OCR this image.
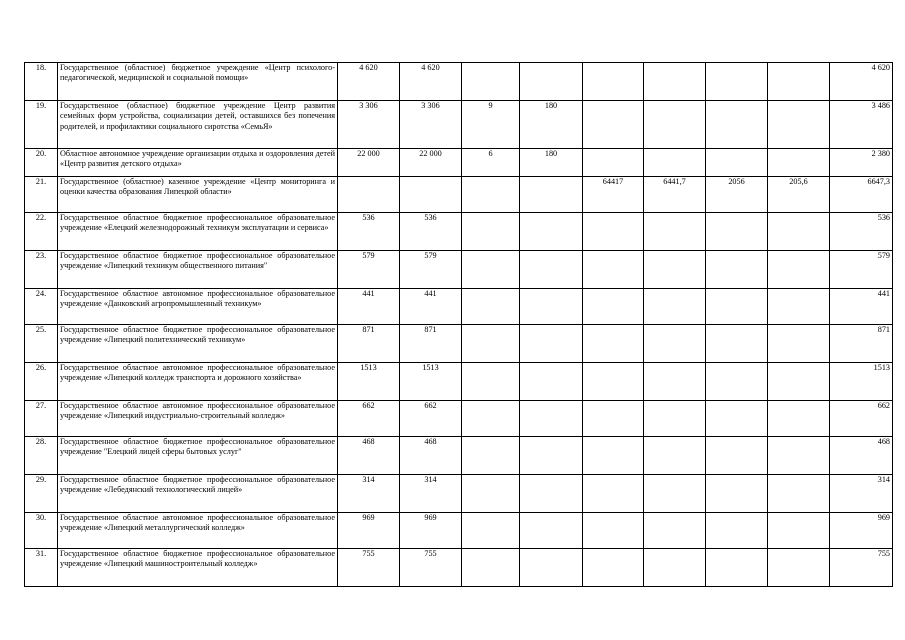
18.	Государственное (областное) бюджетное учреждение «Центр психолого-педагогической, медицинской и социальной помощи»	4 620	4 620							4 620
19.	Государственное (областное) бюджетное учреждение Центр развития семейных форм устройства, социализации детей, оставшихся без попечения родителей, и профилактики социального сиротства «СемьЯ»	3 306	3 306	9	180					3 486
20.	Областное автономное учреждение организации отдыха и оздоровления детей «Центр развития детского отдыха»	22 000	22 000	6	180					2 380
21.	Государственное (областное) казенное учреждение «Центр мониторинга и оценки качества образования Липецкой области»					64417	6441,7	2056	205,6	6647,3
22.	Государственное областное бюджетное профессиональное образовательное учреждение «Елецкий железнодорожный техникум эксплуатации и сервиса»	536	536							536
23.	Государственное областное бюджетное профессиональное образовательное учреждение «Липецкий техникум общественного питания"	579	579							579
24.	Государственное областное автономное профессиональное образовательное учреждение «Данковский агропромышленный техникум»	441	441							441
25.	Государственное областное бюджетное профессиональное образовательное учреждение «Липецкий политехнический техникум»	871	871							871
26.	Государственное областное автономное профессиональное образовательное учреждение «Липецкий колледж транспорта и дорожного хозяйства»	1513	1513							1513
27.	Государственное областное автономное профессиональное образовательное учреждение «Липецкий индустриально-строительный колледж»	662	662							662
28.	Государственное областное бюджетное профессиональное образовательное учреждение "Елецкий лицей сферы бытовых услуг"	468	468							468
29.	Государственное областное бюджетное профессиональное образовательное учреждение «Лебедянский технологический лицей»	314	314							314
30.	Государственное областное автономное профессиональное образовательное учреждение «Липецкий металлургический колледж»	969	969							969
31.	Государственное областное бюджетное профессиональное образовательное учреждение «Липецкий машиностроительный колледж»	755	755							755
